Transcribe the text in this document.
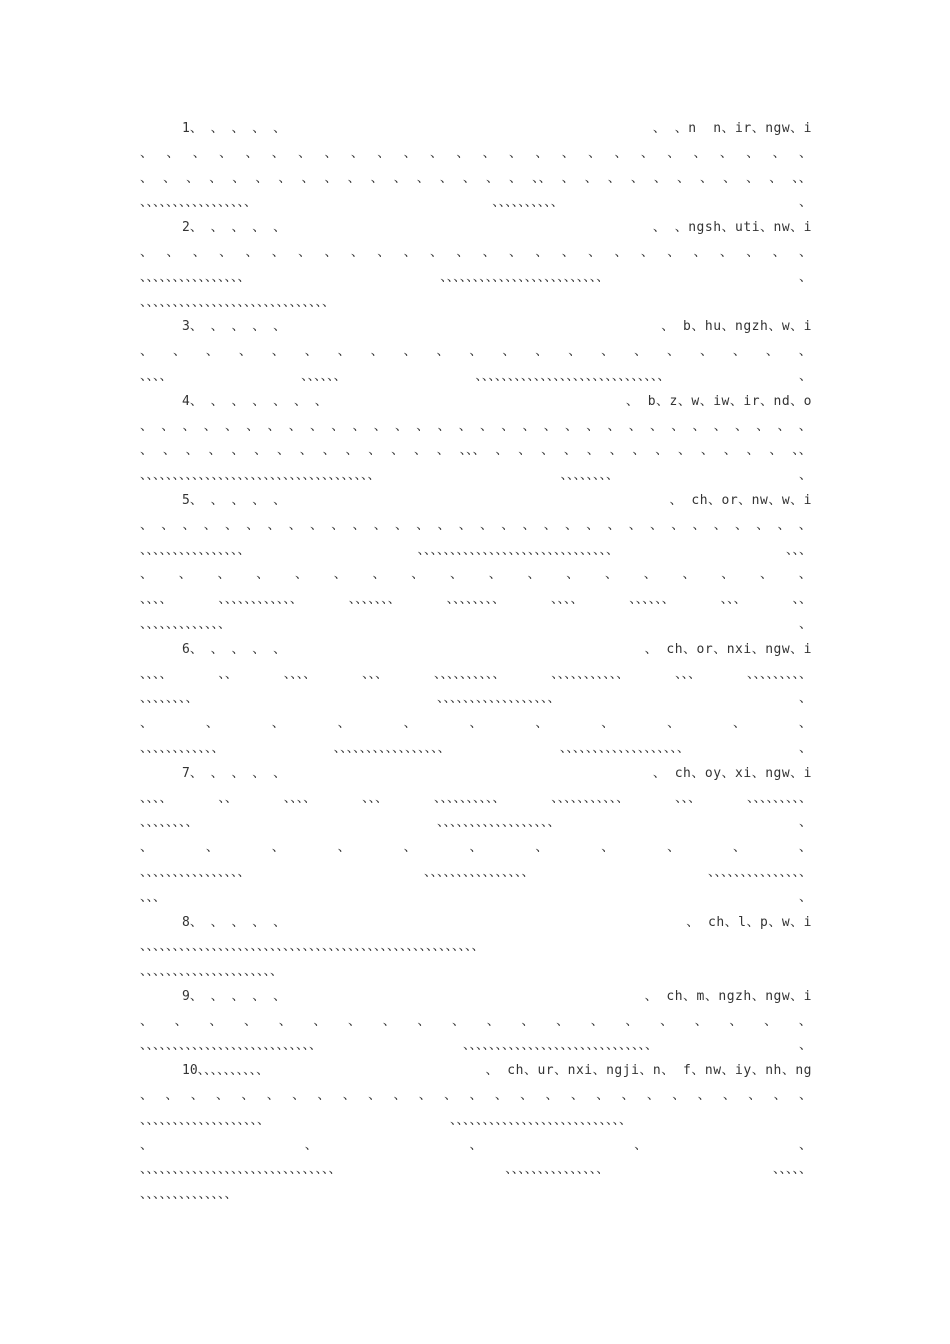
1、 、 、 、 、	、 、n  n、ir、ngw、i
、 、 、 、 、 、 、 、 、 、 、 、 、 、 、 、 、 、 、 、 、 、 、 、 、 、
、 、 、 、 、 、 、 、 、 、 、 、 、 、 、 、 、 、、 、 、 、 、 、 、 、 、 、 、 、、
、、、、、、、、、、、、、、、、、	、、、、、、、、、、	、
2、 、 、 、 、	、 、ngsh、uti、nw、i
、 、 、 、 、 、 、 、 、 、 、 、 、 、 、 、 、 、 、 、 、 、 、 、 、 、
、、、、、、、、、、、、、、、、	、、、、、、、、、、、、、、、、、、、、、、、、、	、
、、、、、、、、、、、、、、、、、、、、、、、、、、、、、
3、 、 、 、 、	、 b、hu、ngzh、w、i
、 、 、 、 、 、 、 、 、 、 、 、 、 、 、 、 、 、 、 、 、
、、、、	、、、、、、	、、、、、、、、、、、、、、、、、、、、、、、、、、、、、	、
4、 、 、 、 、 、 、	、 b、z、w、iw、ir、nd、o
、 、 、 、 、 、 、 、 、 、 、 、 、 、 、 、 、 、 、 、 、 、 、 、 、 、 、 、 、 、 、 、
、 、 、 、 、 、 、 、 、 、 、 、 、 、 、、、 、 、 、 、 、 、 、 、 、 、 、 、 、 、、
、、、、、、、、、、、、、、、、、、、、、、、、、、、、、、、、、、、、	、、、、、、、、	、
5、 、 、 、 、	、 ch、or、nw、w、i
、 、 、 、 、 、 、 、 、 、 、 、 、 、 、 、 、 、 、 、 、 、 、 、 、 、 、 、 、 、 、 、
、、、、、、、、、、、、、、、、	、、、、、、、、、、、、、、、、、、、、、、、、、、、、、、	、、、
、 、 、 、 、 、 、 、 、 、 、 、 、 、 、 、 、 、
、、、、	、、、、、、、、、、、、	、、、、、、、	、、、、、、、、	、、、、	、、、、、、	、、、	、、
、、、、、、、、、、、、、	、
6、 、 、 、 、	、 ch、or、nxi、ngw、i
、、、、	、、	、、、、	、、、	、、、、、、、、、、	、、、、、、、、、、、	、、、	、、、、、、、、、
、、、、、、、、	、、、、、、、、、、、、、、、、、、	、
、	、	、	、	、	、	、	、	、	、	、
、、、、、、、、、、、、	、、、、、、、、、、、、、、、、、	、、、、、、、、、、、、、、、、、、、	、
7、 、 、 、 、	、 ch、oy、xi、ngw、i
、、、、	、、	、、、、	、、、	、、、、、、、、、、	、、、、、、、、、、、	、、、	、、、、、、、、、
、、、、、、、、	、、、、、、、、、、、、、、、、、、	、
、	、	、	、	、	、	、	、	、	、	、
、、、、、、、、、、、、、、、、	、、、、、、、、、、、、、、、、	、、、、、、、、、、、、、、、
、、、	、
8、 、 、 、 、	、 ch、l、p、w、i
、、、、、、、、、、、、、、、、、、、、、、、、、、、、、、、、、、、、、、、、、、、、、、、、、、、、
、、、、、、、、、、、、、、、、、、、、、
9、 、 、 、 、	、 ch、m、ngzh、ngw、i
、 、 、 、 、 、 、 、 、 、 、 、 、 、 、 、 、 、 、 、
、、、、、、、、、、、、、、、、、、、、、、、、、、、	、、、、、、、、、、、、、、、、、、、、、、、、、、、、、	、
10、、、、、、、、、、	、 ch、ur、nxi、ngji、n、 f、nw、iy、nh、ng
、 、 、 、 、 、 、 、 、 、 、 、 、 、 、 、 、 、 、 、 、 、 、 、 、 、 、
、、、、、、、、、、、、、、、、、、、	、、、、、、、、、、、、、、、、、、、、、、、、、、、
、	、	、	、	、
、、、、、、、、、、、、、、、、、、、、、、、、、、、、、、	、、、、、、、、、、、、、、、	、、、、、
、、、、、、、、、、、、、、
